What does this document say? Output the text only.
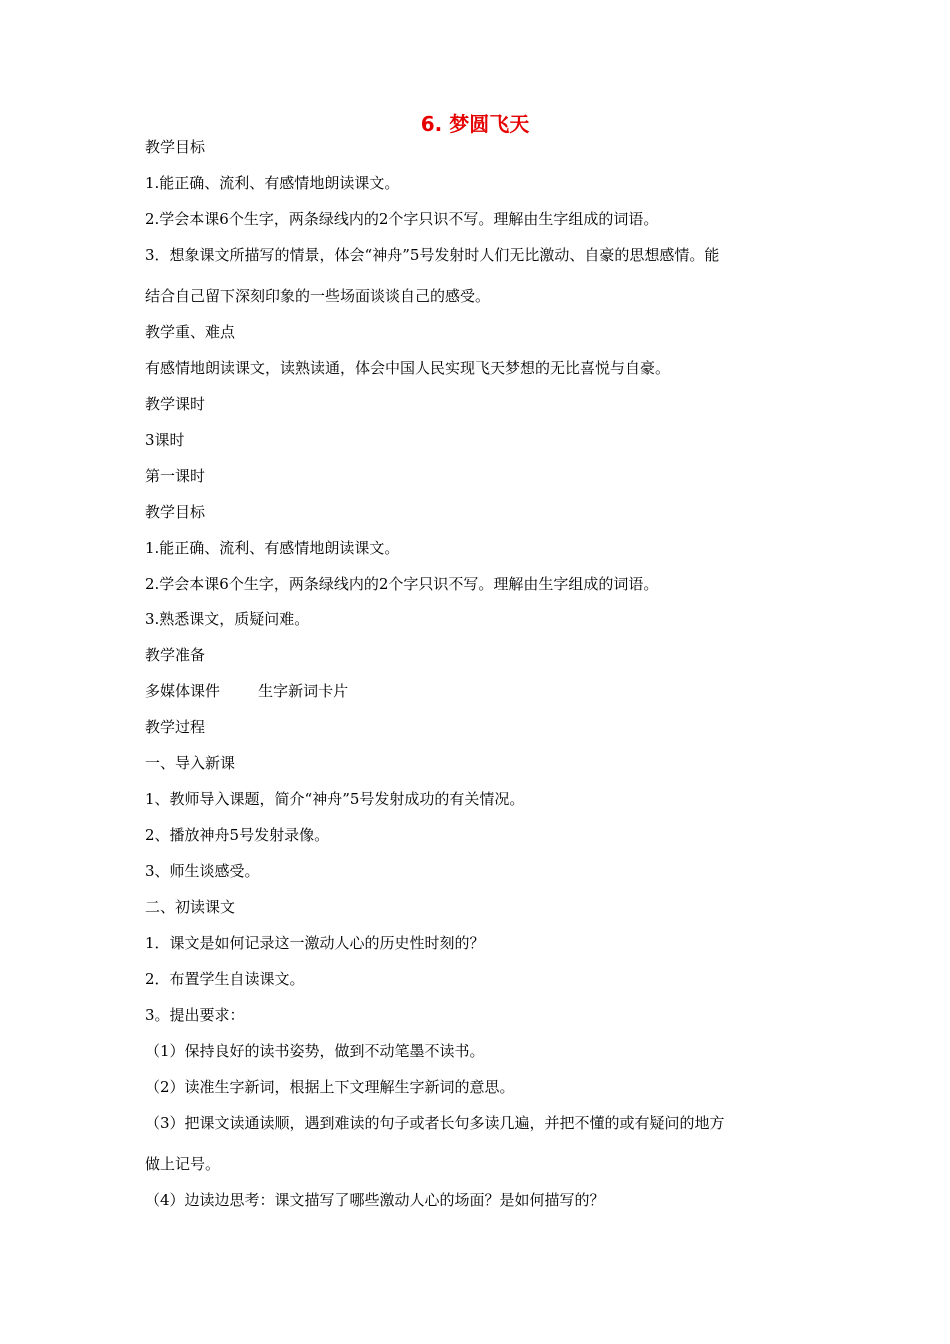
6. 梦圆飞天
教学目标
1.能正确、流利、有感情地朗读课文。
2.学会本课6个生字，两条绿线内的2个字只识不写。理解由生字组成的词语。
3．想象课文所描写的情景，体会“神舟”5号发射时人们无比激动、自豪的思想感情。能
结合自己留下深刻印象的一些场面谈谈自己的感受。
教学重、难点
有感情地朗读课文，读熟读通，体会中国人民实现飞天梦想的无比喜悦与自豪。
教学课时
3课时
第一课时
教学目标
1.能正确、流利、有感情地朗读课文。
2.学会本课6个生字，两条绿线内的2个字只识不写。理解由生字组成的词语。
3.熟悉课文，质疑问难。
教学准备
多媒体课件        生字新词卡片
教学过程
一、导入新课
1、教师导入课题，简介“神舟”5号发射成功的有关情况。
2、播放神舟5号发射录像。
3、师生谈感受。
二、初读课文
1．课文是如何记录这一激动人心的历史性时刻的？
2．布置学生自读课文。
3。提出要求：
（1）保持良好的读书姿势，做到不动笔墨不读书。
（2）读准生字新词，根据上下文理解生字新词的意思。
（3）把课文读通读顺，遇到难读的句子或者长句多读几遍，并把不懂的或有疑问的地方
做上记号。
（4）边读边思考：课文描写了哪些激动人心的场面？是如何描写的？
